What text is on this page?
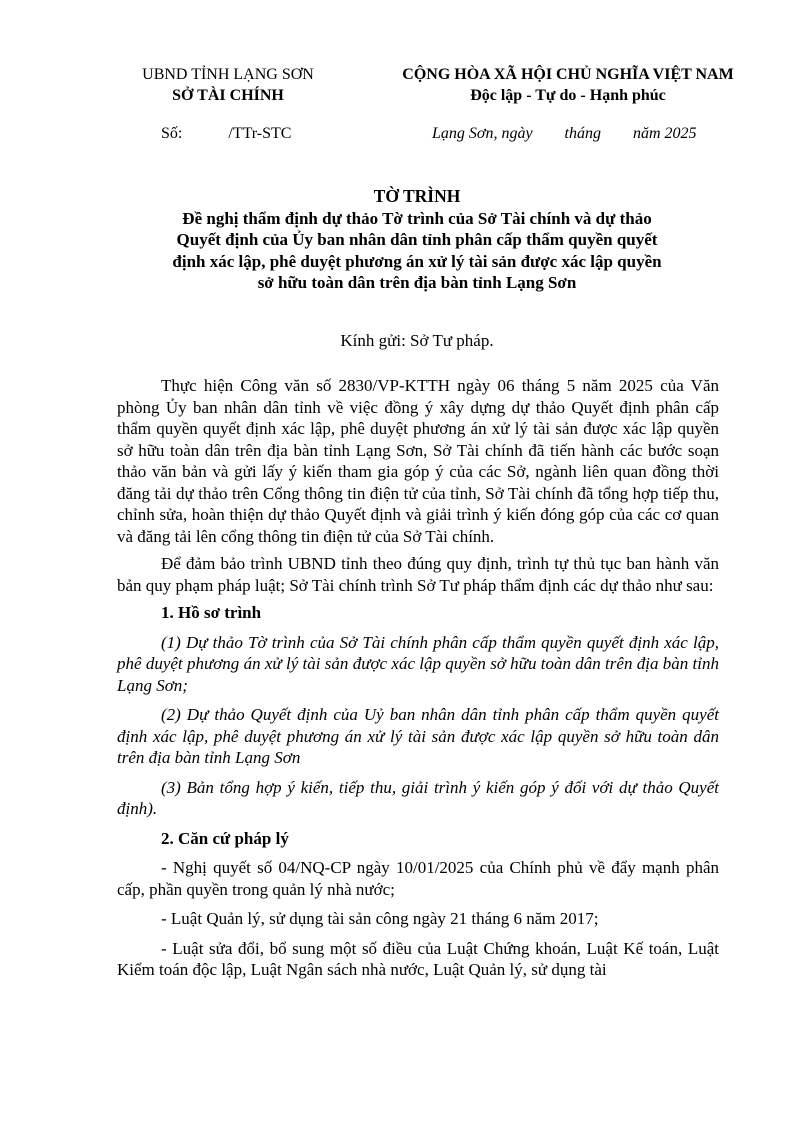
UBND TỈNH LẠNG SƠN
SỞ TÀI CHÍNH
CỘNG HÒA XÃ HỘI CHỦ NGHĨA VIỆT NAM
Độc lập - Tự do - Hạnh phúc
Số:	/TTr-STC	Lạng Sơn, ngày tháng năm 2025
TỜ TRÌNH
Đề nghị thẩm định dự thảo Tờ trình của Sở Tài chính và dự thảo
Quyết định của Ủy ban nhân dân tỉnh phân cấp thẩm quyền quyết
định xác lập, phê duyệt phương án xử lý tài sản được xác lập quyền
sở hữu toàn dân trên địa bàn tỉnh Lạng Sơn
Kính gửi: Sở Tư pháp.

Thực hiện Công văn số 2830/VP-KTTH ngày 06 tháng 5 năm 2025 của Văn phòng Ủy ban nhân dân tỉnh về việc đồng ý xây dựng dự thảo Quyết định phân cấp thẩm quyền quyết định xác lập, phê duyệt phương án xử lý tài sản được xác lập quyền sở hữu toàn dân trên địa bàn tỉnh Lạng Sơn, Sở Tài chính đã tiến hành các bước soạn thảo văn bản và gửi lấy ý kiến tham gia góp ý của các Sở, ngành liên quan đồng thời đăng tải dự thảo trên Cổng thông tin điện tử của tỉnh, Sở Tài chính đã tổng hợp tiếp thu, chỉnh sửa, hoàn thiện dự thảo Quyết định và giải trình ý kiến đóng góp của các cơ quan và đăng tải lên cổng thông tin điện tử của Sở Tài chính.

Để đảm bảo trình UBND tỉnh theo đúng quy định, trình tự thủ tục ban hành văn bản quy phạm pháp luật; Sở Tài chính trình Sở Tư pháp thẩm định các dự thảo như sau:

1. Hồ sơ trình

(1) Dự thảo Tờ trình của Sở Tài chính phân cấp thẩm quyền quyết định xác lập, phê duyệt phương án xử lý tài sản được xác lập quyền sở hữu toàn dân trên địa bàn tỉnh Lạng Sơn;

(2) Dự thảo Quyết định của Uỷ ban nhân dân tỉnh phân cấp thẩm quyền quyết định xác lập, phê duyệt phương án xử lý tài sản được xác lập quyền sở hữu toàn dân trên địa bàn tỉnh Lạng Sơn

(3) Bản tổng hợp ý kiến, tiếp thu, giải trình ý kiến góp ý đối với dự thảo Quyết định).

2. Căn cứ pháp lý

- Nghị quyết số 04/NQ-CP ngày 10/01/2025 của Chính phủ về đẩy mạnh phân cấp, phần quyền trong quản lý nhà nước;

- Luật Quản lý, sử dụng tài sản công ngày 21 tháng 6 năm 2017;

- Luật sửa đổi, bổ sung một số điều của Luật Chứng khoán, Luật Kế toán, Luật Kiểm toán độc lập, Luật Ngân sách nhà nước, Luật Quản lý, sử dụng tài
